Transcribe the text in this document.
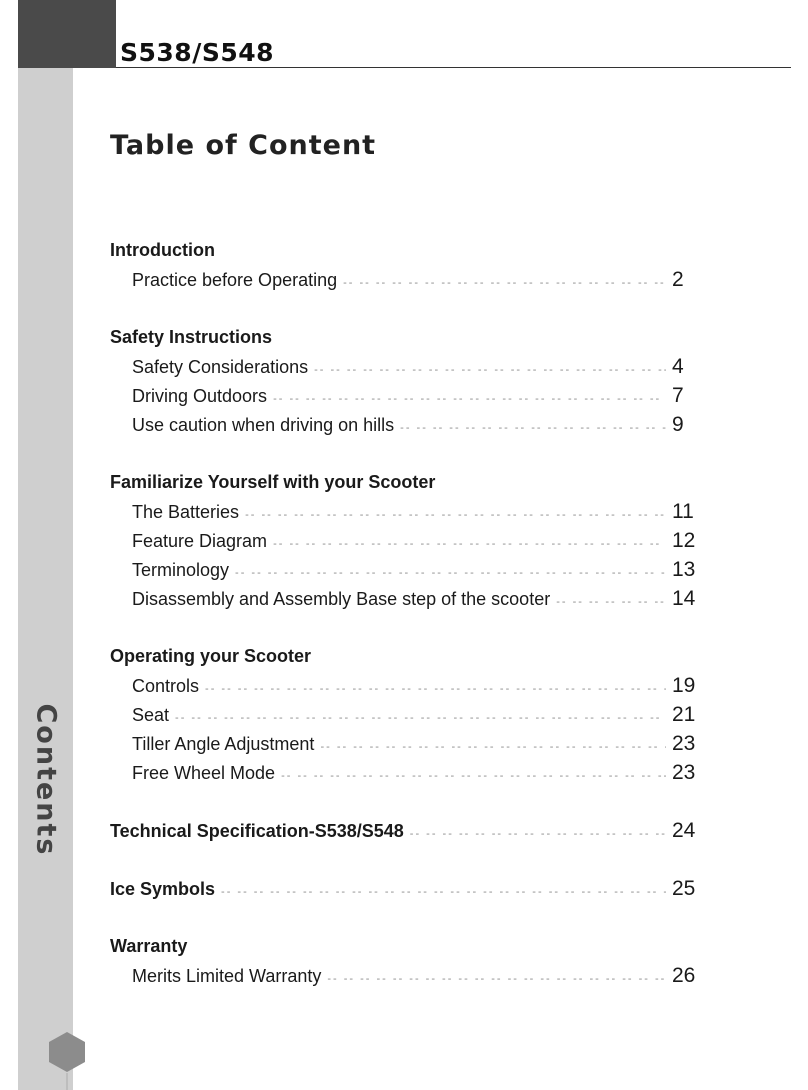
S538/S548
Contents
Table of Content
Introduction
Practice before Operating -- --	2
Safety Instructions
Safety Considerations -- --	4
Driving Outdoors -- --	7
Use caution when driving on hills -- --	9
Familiarize Yourself with your Scooter
The Batteries -- --	11
Feature Diagram -- --	12
Terminology -- --	13
Disassembly and Assembly Base step of the scooter -- --	14
Operating your Scooter
Controls -- --	19
Seat -- --	21
Tiller Angle Adjustment -- --	23
Free Wheel Mode -- --	23
Technical Specification-S538/S548 -- --	24
Ice Symbols -- --	25
Warranty
Merits Limited Warranty -- --	26
